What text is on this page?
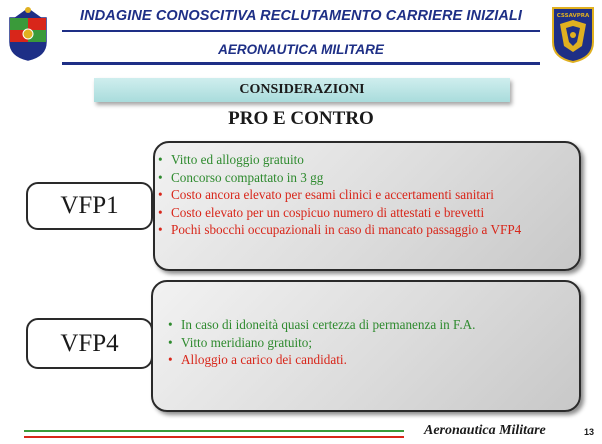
INDAGINE CONOSCITIVA RECLUTAMENTO CARRIERE INIZIALI
AERONAUTICA MILITARE
CSSAVPRA
CONSIDERAZIONI
PRO E CONTRO
VFP1
• Vitto ed alloggio gratuito
• Concorso compattato in 3 gg
• Costo ancora elevato per esami clinici e accertamenti sanitari
• Costo elevato per un cospicuo numero di attestati e brevetti
• Pochi sbocchi occupazionali in caso di mancato passaggio a VFP4
VFP4
• In caso di idoneità quasi certezza di permanenza in F.A.
• Vitto meridiano gratuito;
• Alloggio a carico dei candidati.
Aeronautica Militare	13
